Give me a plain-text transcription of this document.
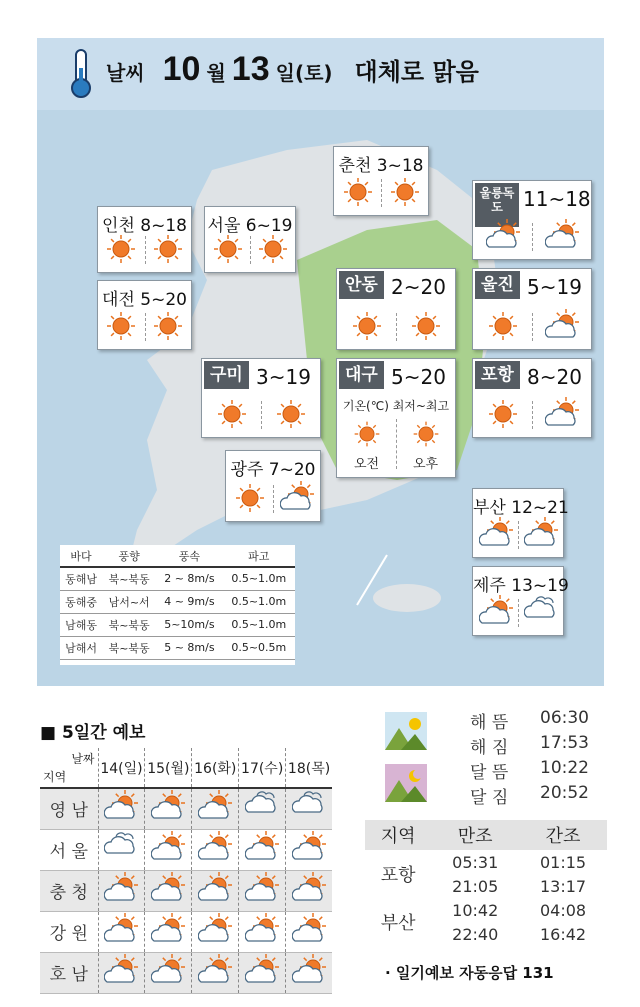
날씨 10 월 13 일(토) 대체로 맑음
춘천 3~18
인천 8~18 서울 6~19
대전 5~20
울릉독도	11~18
안동 2~20	울진 5~19
구미 3~19	대구 5~20
기온(℃) 최저~최고
오전	오후
포항 8~20
광주 7~20
부산 12~21
제주 13~19
바다	풍향	풍속	파고
동해남	북~북동	2 ~ 8m/s	0.5~1.0m
동해중	남서~서	4 ~ 9m/s	0.5~1.0m
남해동	북~북동	5~10m/s	0.5~1.0m
남해서	북~북동	5 ~ 8m/s	0.5~0.5m
■ 5일간 예보
날짜
지역	14(일)	15(월)	16(화)	17(수)	18(목)
영 남					
서 울					
충 청					
강 원					
호 남					
해 뜸 06:30
해 짐 17:53
달 뜸 10:22
달 짐 20:52
지역	만조	간조
포항	05:31	01:15
	21:05	13:17
부산	10:42	04:08
	22:40	16:42
· 일기예보 자동응답 131
